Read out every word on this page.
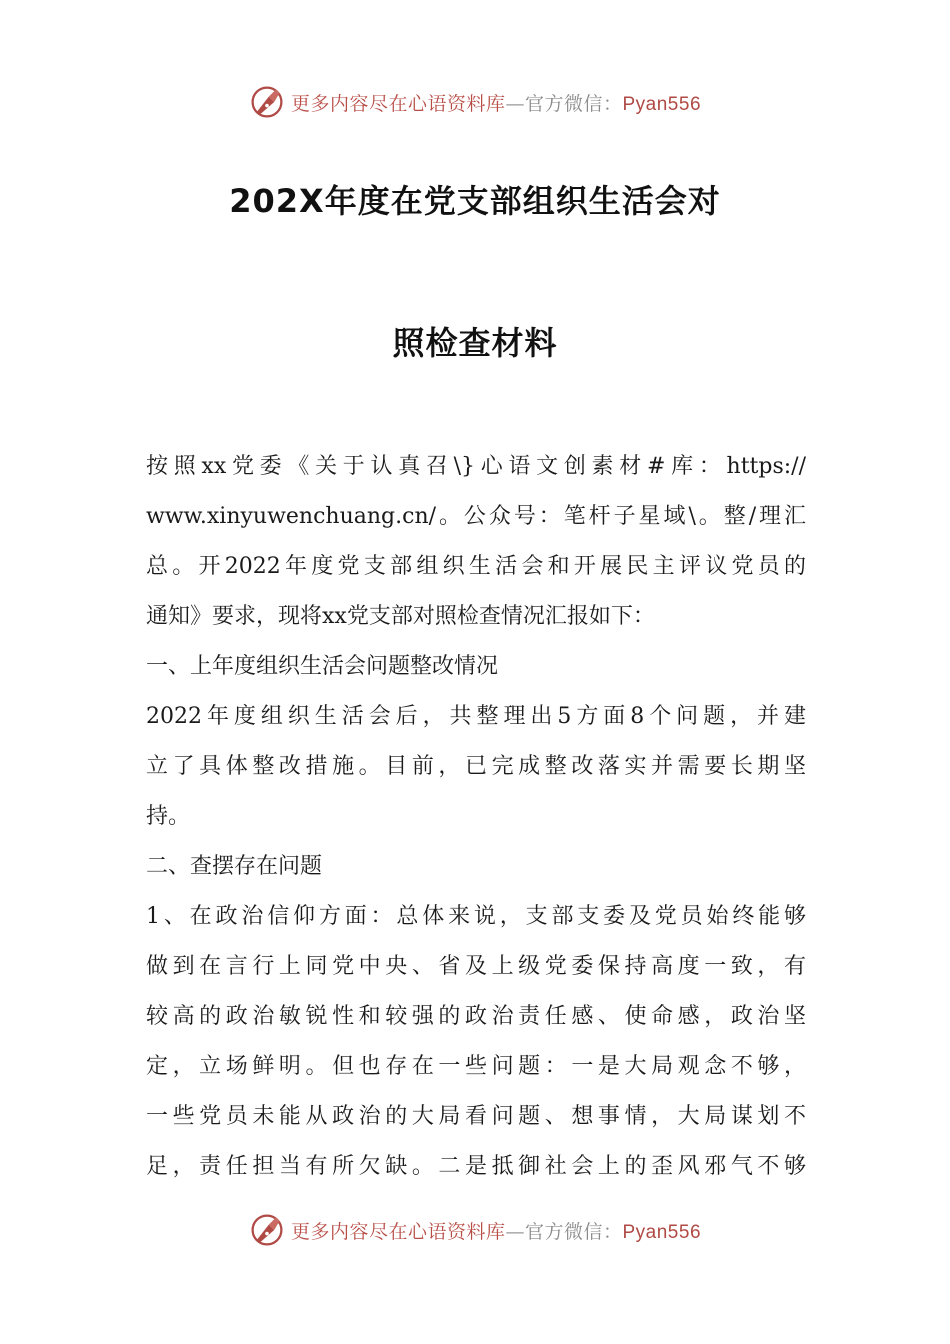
更多内容尽在心语资料库—官方微信：Pyan556
202X年度在党支部组织生活会对
照检查材料
按照xx党委《关于认真召\}心语文创素材#库：https://
www.xinyuwenchuang.cn/。公众号：笔杆子星域\。整/理汇
总。开2022年度党支部组织生活会和开展民主评议党员的
通知》要求，现将xx党支部对照检查情况汇报如下：
一、上年度组织生活会问题整改情况
2022年度组织生活会后，共整理出5方面8个问题，并建
立了具体整改措施。目前，已完成整改落实并需要长期坚
持。
二、查摆存在问题
1、在政治信仰方面：总体来说，支部支委及党员始终能够
做到在言行上同党中央、省及上级党委保持高度一致，有
较高的政治敏锐性和较强的政治责任感、使命感，政治坚
定，立场鲜明。但也存在一些问题：一是大局观念不够，
一些党员未能从政治的大局看问题、想事情，大局谋划不
足，责任担当有所欠缺。二是抵御社会上的歪风邪气不够
更多内容尽在心语资料库—官方微信：Pyan556
